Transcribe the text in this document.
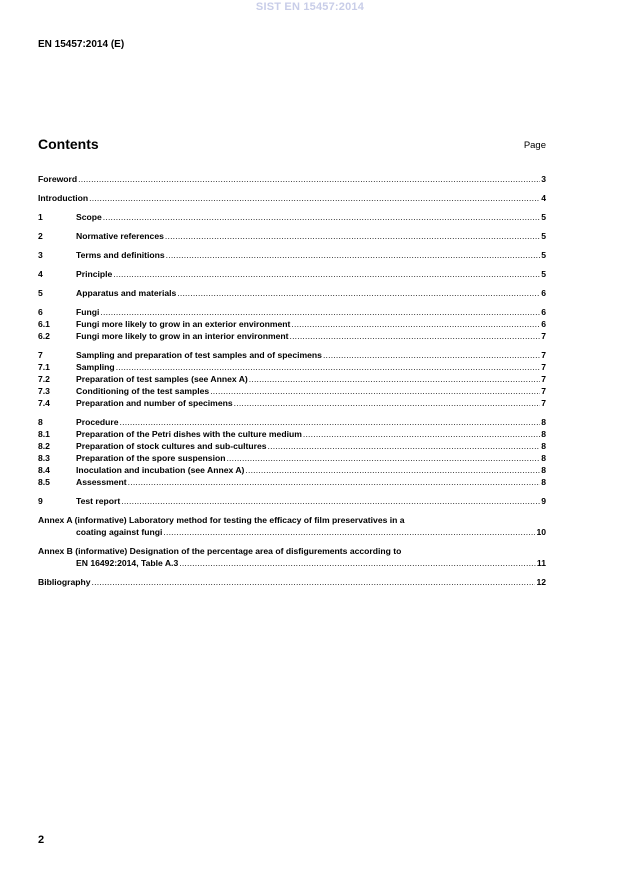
SIST EN 15457:2014
EN 15457:2014 (E)
Contents	Page
Foreword .....	3
Introduction .....	4
1	Scope .....	5
2	Normative references .....	5
3	Terms and definitions .....	5
4	Principle .....	5
5	Apparatus and materials .....	6
6	Fungi .....	6
6.1	Fungi more likely to grow in an exterior environment .....	6
6.2	Fungi more likely to grow in an interior environment .....	7
7	Sampling and preparation of test samples and of specimens .....	7
7.1	Sampling .....	7
7.2	Preparation of test samples (see Annex A) .....	7
7.3	Conditioning of the test samples .....	7
7.4	Preparation and number of specimens .....	7
8	Procedure .....	8
8.1	Preparation of the Petri dishes with the culture medium .....	8
8.2	Preparation of stock cultures and sub-cultures .....	8
8.3	Preparation of the spore suspension .....	8
8.4	Inoculation and incubation (see Annex A) .....	8
8.5	Assessment .....	8
9	Test report .....	9
Annex A (informative) Laboratory method for testing the efficacy of film preservatives in a
coating against fungi .....	10
Annex B (informative) Designation of the percentage area of disfigurements according to
EN 16492:2014, Table A.3 .....	11
Bibliography .....	12
2
